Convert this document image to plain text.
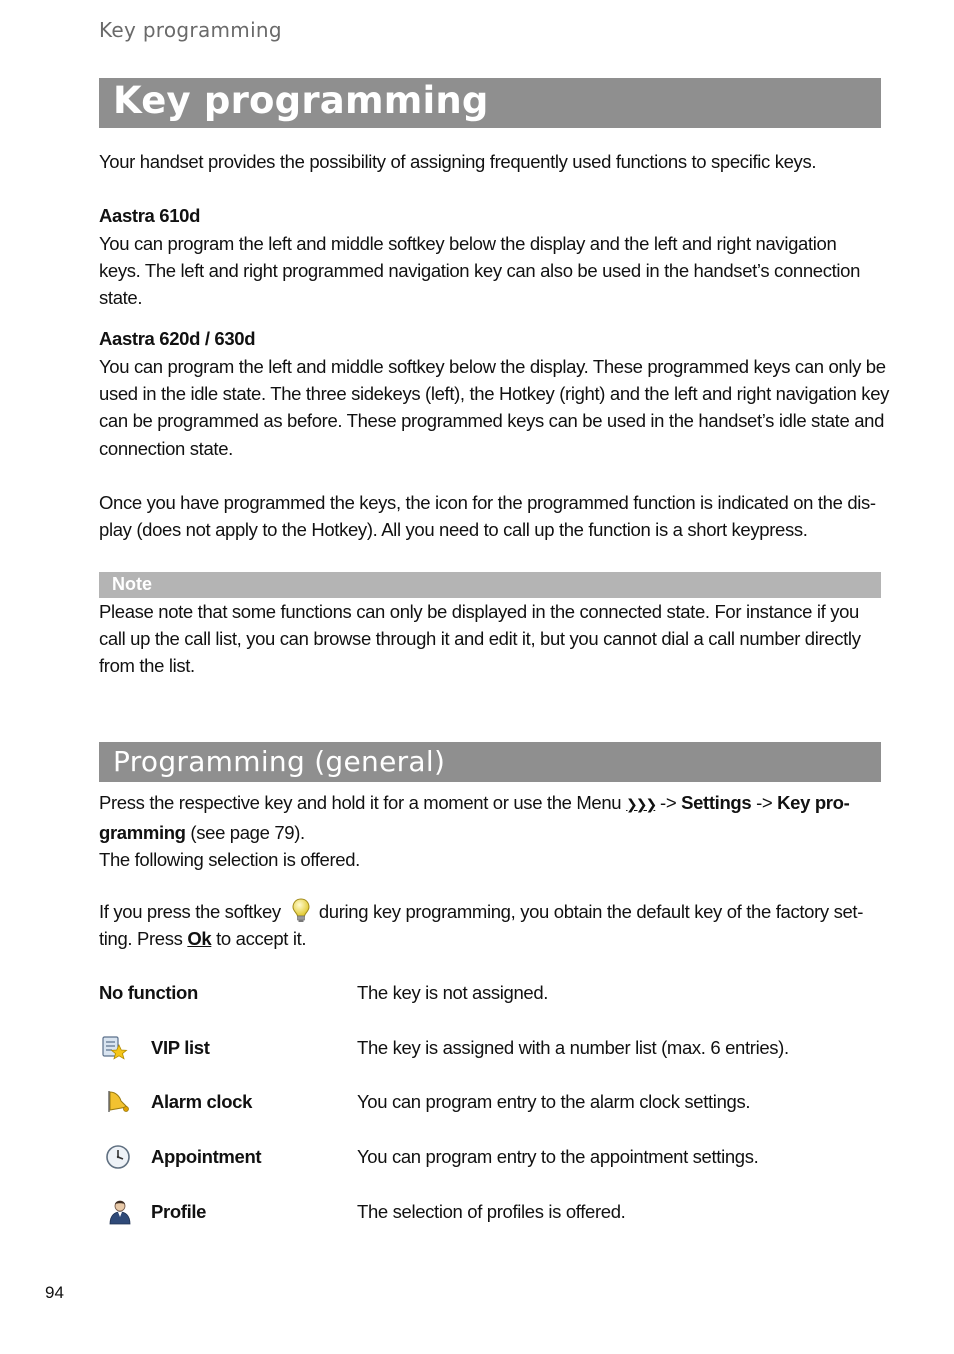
Key programming
Key programming
Your handset provides the possibility of assigning frequently used functions to specific keys.
Aastra 610d
You can program the left and middle softkey below the display and the left and right navigation keys. The left and right programmed navigation key can also be used in the handset’s connection state.
Aastra 620d / 630d
You can program the left and middle softkey below the display. These programmed keys can only be used in the idle state. The three sidekeys (left), the Hotkey (right) and the left and right navigation key can be programmed as before. These programmed keys can be used in the handset’s idle state and connection state.
Once you have programmed the keys, the icon for the programmed function is indicated on the dis-play (does not apply to the Hotkey). All you need to call up the function is a short keypress.
Note
Please note that some functions can only be displayed in the connected state. For instance if you call up the call list, you can browse through it and edit it, but you cannot dial a call number directly from the list.
Programming (general)
Press the respective key and hold it for a moment or use the Menu ❯❯❯ -> Settings -> Key pro-
gramming (see page 79).
The following selection is offered.
If you press the softkey during key programming, you obtain the default key of the factory set-
ting. Press Ok to accept it.
No function	The key is not assigned.
VIP list	The key is assigned with a number list (max. 6 entries).
Alarm clock	You can program entry to the alarm clock settings.
Appointment	You can program entry to the appointment settings.
Profile	The selection of profiles is offered.
94
